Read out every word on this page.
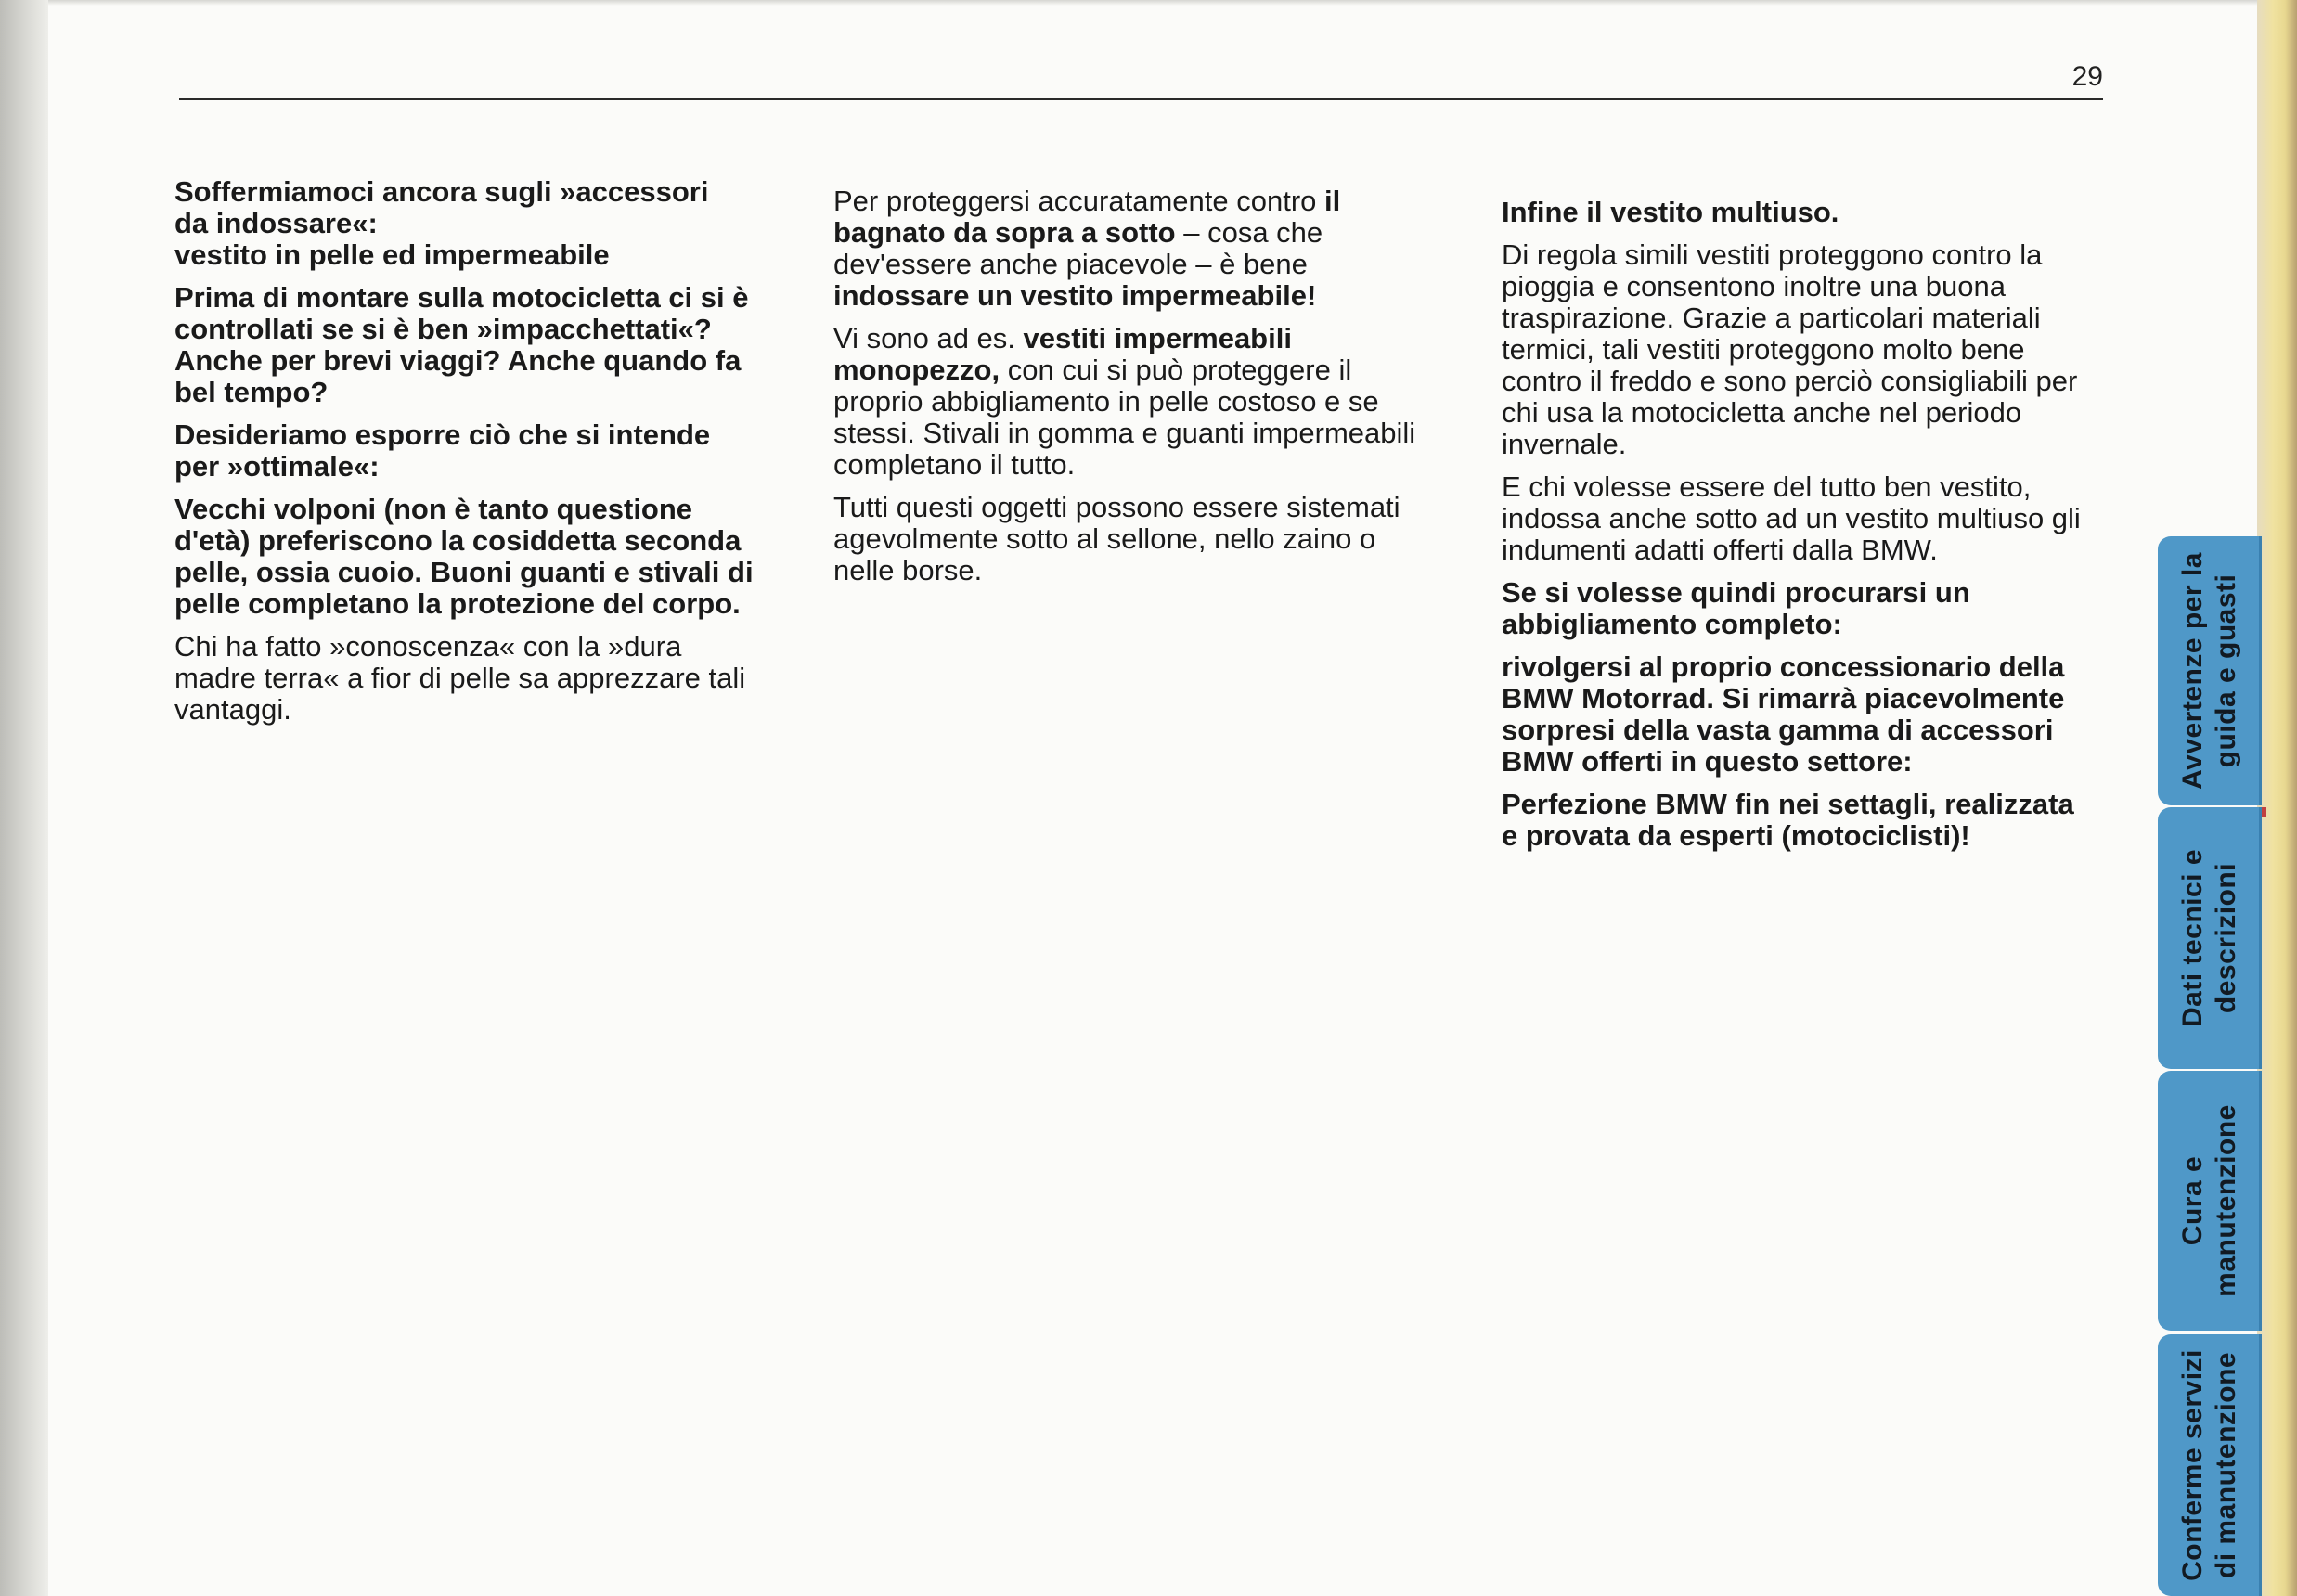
29

Soffermiamoci ancora sugli »accessori
da indossare«:
vestito in pelle ed impermeabile

Prima di montare sulla motocicletta ci si è controllati se si è ben »impacchettati«? Anche per brevi viaggi? Anche quando fa bel tempo?

Desideriamo esporre ciò che si intende per »ottimale«:

Vecchi volponi (non è tanto questione d'età) preferiscono la cosiddetta seconda pelle, ossia cuoio. Buoni guanti e stivali di pelle completano la protezione del corpo.

Chi ha fatto »conoscenza« con la »dura madre terra« a fior di pelle sa apprezzare tali vantaggi.

Per proteggersi accuratamente contro il bagnato da sopra a sotto – cosa che dev'essere anche piacevole – è bene indossare un vestito impermeabile!

Vi sono ad es. vestiti impermeabili monopezzo, con cui si può proteggere il proprio abbigliamento in pelle costoso e se stessi. Stivali in gomma e guanti impermeabili completano il tutto.

Tutti questi oggetti possono essere sistemati agevolmente sotto al sellone, nello zaino o nelle borse.

Infine il vestito multiuso.

Di regola simili vestiti proteggono contro la pioggia e consentono inoltre una buona traspirazione. Grazie a particolari materiali termici, tali vestiti proteggono molto bene contro il freddo e sono perciò consigliabili per chi usa la motocicletta anche nel periodo invernale.

E chi volesse essere del tutto ben vestito, indossa anche sotto ad un vestito multiuso gli indumenti adatti offerti dalla BMW.

Se si volesse quindi procurarsi un abbigliamento completo:

rivolgersi al proprio concessionario della BMW Motorrad. Si rimarrà piacevolmente sorpresi della vasta gamma di accessori BMW offerti in questo settore:

Perfezione BMW fin nei settagli, realizzata e provata da esperti (motociclisti)!

Avvertenze per la guida e guasti
Dati tecnici e descrizioni
Cura e manutenzione
Conferme servizi di manutenzione
